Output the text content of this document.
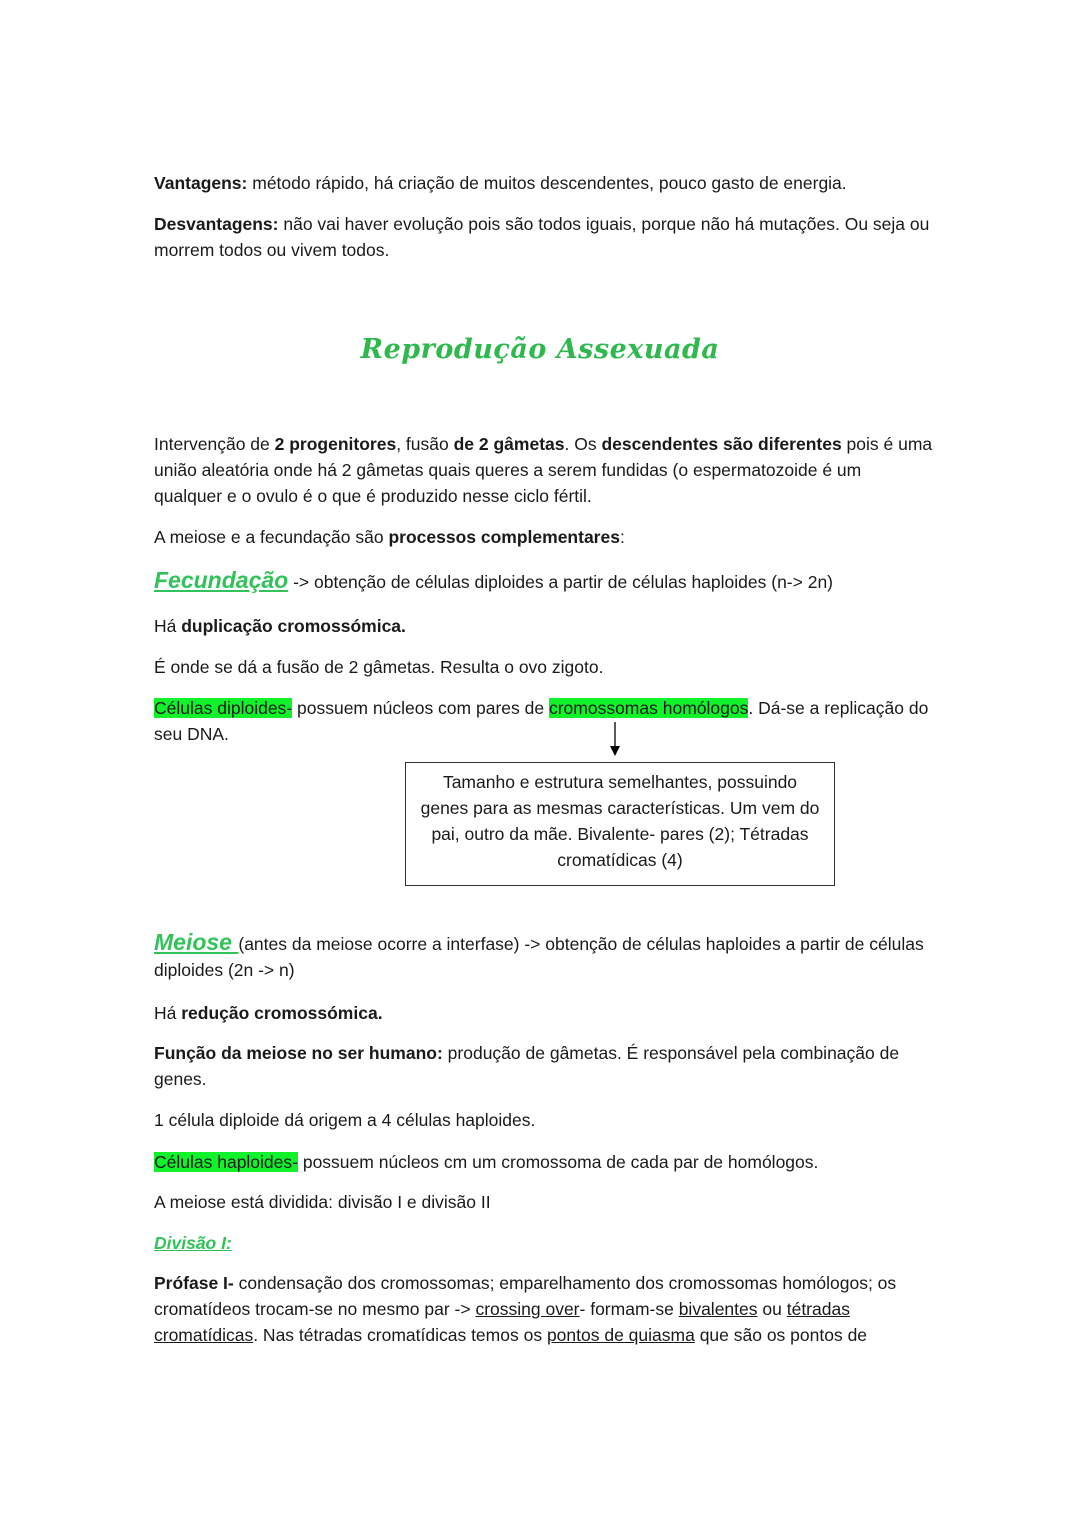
Vantagens: método rápido, há criação de muitos descendentes, pouco gasto de energia.

Desvantagens: não vai haver evolução pois são todos iguais, porque não há mutações. Ou seja ou morrem todos ou vivem todos.

Reprodução Assexuada

Intervenção de 2 progenitores, fusão de 2 gâmetas. Os descendentes são diferentes pois é uma união aleatória onde há 2 gâmetas quais queres a serem fundidas (o espermatozoide é um qualquer e o ovulo é o que é produzido nesse ciclo fértil.

A meiose e a fecundação são processos complementares:

Fecundação -> obtenção de células diploides a partir de células haploides (n-> 2n)

Há duplicação cromossómica.

É onde se dá a fusão de 2 gâmetas. Resulta o ovo zigoto.

Células diploides- possuem núcleos com pares de cromossomas homólogos. Dá-se a replicação do seu DNA.

Tamanho e estrutura semelhantes, possuindo genes para as mesmas características. Um vem do pai, outro da mãe. Bivalente- pares (2); Tétradas cromatídicas (4)

Meiose (antes da meiose ocorre a interfase) -> obtenção de células haploides a partir de células diploides (2n -> n)

Há redução cromossómica.

Função da meiose no ser humano: produção de gâmetas. É responsável pela combinação de genes.

1 célula diploide dá origem a 4 células haploides.

Células haploides- possuem núcleos cm um cromossoma de cada par de homólogos.

A meiose está dividida: divisão I e divisão II

Divisão I:

Prófase I- condensação dos cromossomas; emparelhamento dos cromossomas homólogos; os cromatídeos trocam-se no mesmo par -> crossing over- formam-se bivalentes ou tétradas cromatídicas. Nas tétradas cromatídicas temos os pontos de quiasma que são os pontos de
